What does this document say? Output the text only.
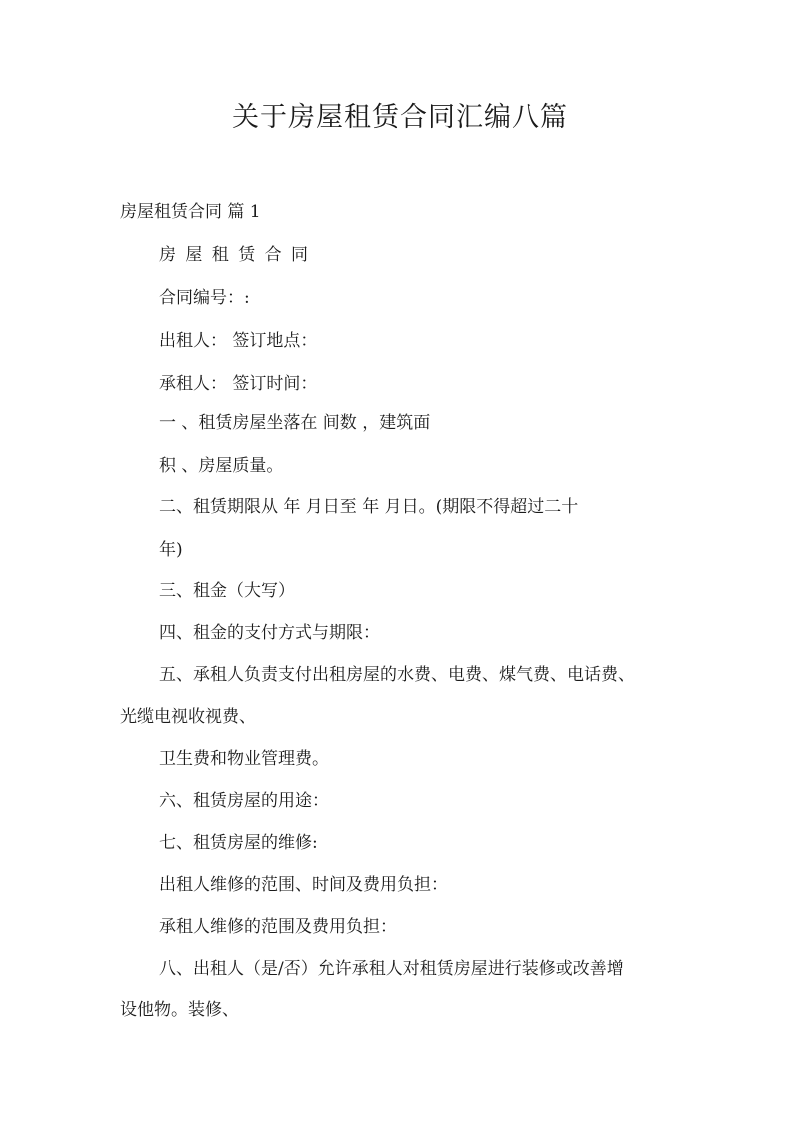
关于房屋租赁合同汇编八篇
房屋租赁合同 篇 1
房 屋 租 赁 合 同
合同编号：:
出租人： 签订地点：
承租人： 签订时间：
一 、租赁房屋坐落在 间数 ，建筑面
积 、房屋质量。
二、租赁期限从 年 月日至 年 月日。(期限不得超过二十
年)
三、租金（大写）
四、租金的支付方式与期限：
五、承租人负责支付出租房屋的水费、电费、煤气费、电话费、
光缆电视收视费、
卫生费和物业管理费。
六、租赁房屋的用途：
七、租赁房屋的维修:
出租人维修的范围、时间及费用负担：
承租人维修的范围及费用负担：
八、出租人（是/否）允许承租人对租赁房屋进行装修或改善增
设他物。装修、
